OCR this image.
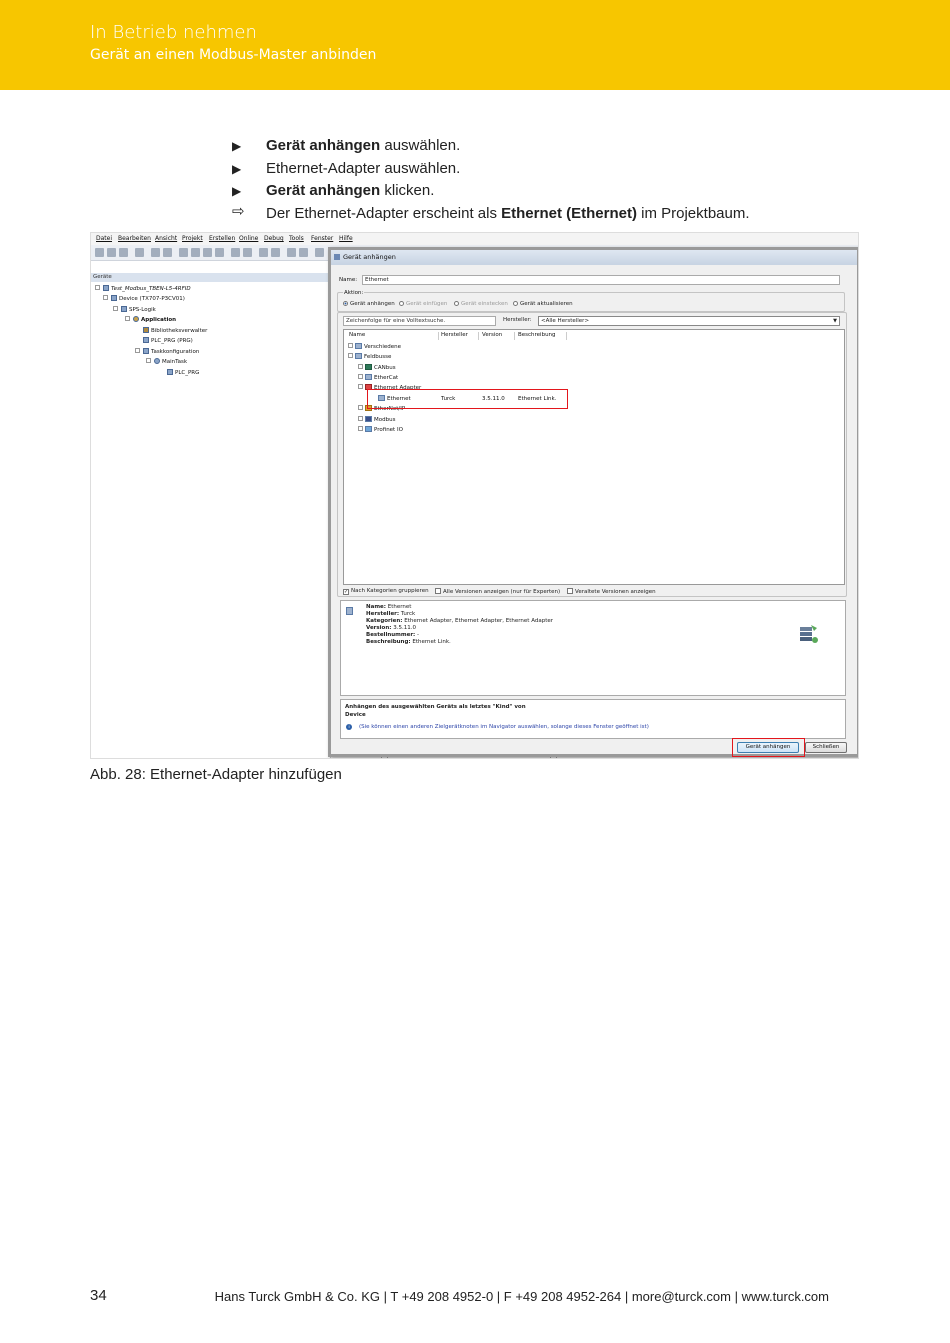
In Betrieb nehmen
Gerät an einen Modbus-Master anbinden
▶	Gerät anhängen auswählen.
▶	Ethernet-Adapter auswählen.
▶	Gerät anhängen klicken.
⇨	Der Ethernet-Adapter erscheint als Ethernet (Ethernet) im Projektbaum.
Datei Bearbeiten Ansicht Projekt Erstellen Online Debug Tools Fenster Hilfe
Geräte
Test_Modbus_TBEN-L5-4RFID
Device (TX707-P3CV01)
SPS-Logik
Application
Bibliotheksverwalter
PLC_PRG (PRG)
Taskkonfiguration
MainTask
PLC_PRG
Gerät anhängen
Name:	Ethernet
Aktion:
Gerät anhängen	Gerät einfügen	Gerät einstecken	Gerät aktualisieren
Zeichenfolge für eine Volltextsuche.	Hersteller:	<Alle Hersteller>	▼
Name	Hersteller	Version	Beschreibung
Verschiedene
Feldbusse
CANbus
EtherCat
Ethernet Adapter
Ethernet	Turck	3.5.11.0 Ethernet Link.
EtherNet/IP
Modbus
Profinet IO
✓ Nach Kategorien gruppieren	Alle Versionen anzeigen (nur für Experten)	Veraltete Versionen anzeigen
Name: Ethernet
Hersteller: Turck
Kategorien: Ethernet Adapter, Ethernet Adapter, Ethernet Adapter
Version: 3.5.11.0
Bestellnummer: -
Beschreibung: Ethernet Link.
Anhängen des ausgewählten Geräts als letztes "Kind" von
Device
i	(Sie können einen anderen Zielgerätknoten im Navigator auswählen, solange dieses Fenster geöffnet ist)
Gerät anhängen	Schließen
Abb. 28: Ethernet-Adapter hinzufügen
34	Hans Turck GmbH & Co. KG | T +49 208 4952-0 | F +49 208 4952-264 | more@turck.com | www.turck.com
